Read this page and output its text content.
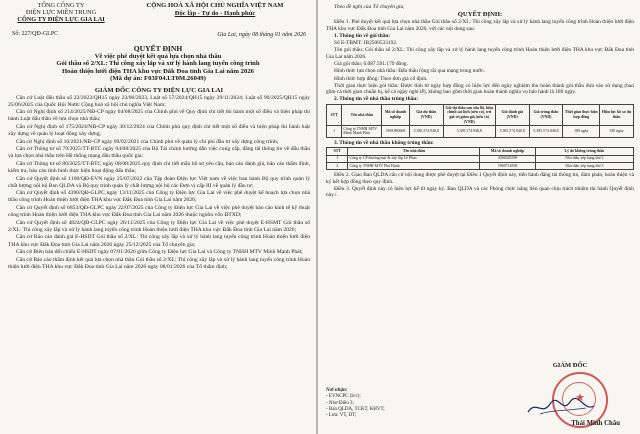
TỔNG CÔNG TY
ĐIỆN LỰC MIỀN TRUNG
CÔNG TY ĐIỆN LỰC GIA LAI
CỘNG HOÀ XÃ HỘI CHỦ NGHĨA VIỆT NAM
Độc lập - Tự do - Hạnh phúc
Số: 227/QĐ-GLPC	Gia Lai, ngày 08 tháng 01 năm 2026
QUYẾT ĐỊNH
Về việc phê duyệt kết quả lựa chọn nhà thầu
Gói thầu số 2/XL: Thi công xây lắp và xử lý hành lang tuyến công trình
Hoàn thiện lưới điện THA khu vực Đắk Đoa tỉnh Gia Lai năm 2026
(Mã dự án: F03F04.LT0M.26049)

GIÁM ĐỐC CÔNG TY ĐIỆN LỰC GIA LAI

Căn cứ Luật đấu thầu số 22/2023/QH15 ngày 23/06/2023, Luật số 57/2024/QH15 ngày 29/11/2024; Luật số 90/2025/QH15 ngày 25/06/2025 của Quốc Hội Nước Cộng hoà xã hội chủ nghĩa Việt Nam;

Căn cứ Nghị định số 214/2025/NĐ-CP ngày 04/08/2025 của Chính phủ về Quy định chi tiết thi hành một số điều và biện pháp thi hành Luật đấu thầu về lựa chọn nhà thầu;

Căn cứ Nghị định số 175/2024/NĐ-CP ngày 30/12/2024 của Chính phủ quy định chi tiết một số điều và biện pháp thi hành luật xây dựng về quản lý hoạt động xây dựng;

Căn cứ Nghị định số 10/2021/NĐ-CP ngày 09/02/2021 của Chính phủ về quản lý chi phí đầu tư xây dựng công trình;

Căn cứ Thông tư số 79/2025/TT-BTC ngày 04/08/2025 của Bộ Tài chính hướng dẫn việc cung cấp, đăng tải thông tin về đấu thầu và lựa chọn nhà thầu trên Hệ thống mạng đấu thầu quốc gia;

Căn cứ Thông tư số 80/2025/TT-BTC ngày 08/08/2025 quy định chi tiết mẫu hồ sơ yêu cầu, báo cáo đánh giá, báo cáo thẩm định, kiểm tra, báo cáo tình hình thực hiện hoạt động đấu thầu;

Căn cứ Quyết định số 1100/QĐ-EVN ngày 25/07/2022 của Tập đoàn Điện lực Việt nam về việc ban hành Bộ quy trình quản lý chất lượng nội bộ Ban QLDA và Bộ quy trình quản lý chất lượng nội bộ các Đơn vị cấp III về quản lý đầu tư;

Căn cứ Quyết định số 4390/QĐ-GLPC ngày 13/11/2025 của Công ty Điện lực Gia Lai về việc phê duyệt kế hoạch lựa chọn nhà thầu công trình Hoàn thiện lưới điện THA khu vực Đắk Đoa tỉnh Gia Lai năm 2026;

Căn cứ Quyết định số 6853/QĐ-GLPC ngày 22/07/2025 của Công ty Điện lực Gia Lai về việc phê duyệt báo cáo kinh tế kỹ thuật công trình Hoàn thiện lưới điện THA khu vực Đắk Đoa tỉnh Gia Lai năm 2026 thuộc nguồn vốn ĐTXD;

Căn cứ Quyết định số 4824/QĐ-GLPC ngày 26/11/2025 của Công ty Điện lực Gia Lai về việc phê duyệt E-HSMT Gói thầu số 2/XL: Thi công xây lắp và xử lý hành lang tuyến công trình Hoàn thiện lưới điện THA khu vực Đắk Đoa tỉnh Gia Lai năm 2026;

Căn cứ Báo cáo đánh giá E-HSDT Gói thầu số 2/XL: Thi công xây lắp và xử lý hành lang tuyến công trình Hoàn thiện lưới điện THA khu vực Đắk Đoa tỉnh Gia Lai năm 2026 ngày 25/12/2025 của Tổ chuyên gia;

Căn cứ Biên bản đối chiếu E-HSDT ngày 07/01/2026 giữa Công ty Điện lực Gia Lai và Công ty TNHH MTV Minh Mạnh Phát;

Căn cứ Báo cáo thẩm định kết quả lựa chọn nhà thầu Gói thầu số 2/XL: Thi công xây lắp và xử lý hành lang tuyến công trình Hoàn thiện lưới điện THA khu vực Đắk Đoa tỉnh Gia Lai năm 2026 ngày 08/01/2026 của Tổ thẩm định;

Theo đề nghị của Tổ chuyên gia,

QUYẾT ĐỊNH:

Điều 1. Phê duyệt kết quả lựa chọn nhà thầu Gói thầu số 2/XL: Thi công xây lắp và xử lý hành lang tuyến công trình Hoàn thiện lưới điện THA khu vực Đắk Đoa tỉnh Gia Lai năm 2026, với các nội dung sau:

1. Thông tin về gói thầu:

Số E-TBMT: IB2500533192.

Tên gói thầu: Gói thầu số 2/XL: Thi công xây lắp và xử lý hành lang tuyến công trình Hoàn thiện lưới điện THA khu vực Đắk Đoa tỉnh Gia Lai năm 2026.

Giá gói thầu: 6.087.591.179 đồng.

Hình thức lựa chọn nhà thầu: Đấu thầu rộng rãi qua mạng trong nước.

Hình thức hợp đồng: Theo đơn giá cố định.

Thời gian thực hiện gói thầu: Được tính từ ngày hợp đồng có hiệu lực đến ngày nghiệm thu hoàn thành gói thầu đưa vào sử dụng (bao gồm cả thời gian chuẩn bị, kể cả ngày nghỉ lễ), không bao gồm thời gian hoàn thành nghĩa vụ bảo hành là 180 ngày.

2. Thông tin về nhà thầu trúng thầu:

STT	Tên nhà thầu	Mã số doanh nghiệp	Giá dự thầu (VND)	Giá dự thầu sau sửa lỗi, hiệu chỉnh sai lệch (nếu có), trừ giá trị giảm giá (nếu có) (VND)	Giá đánh giá (VND)	Giá trúng thầu (VND)	Thời gian thực hiện hợp đồng	Hiệu lực hồ sơ dự thầu
1	Công ty TNHH MTV Minh Mạnh Phát	5901890668	5.385.574.948,8	5.385.574.948,8	5.385.574.948,8	5.385.574.948,8	180 ngày	180 ngày

3. Thông tin về nhà thầu không trúng thầu:

STT	Tên nhà thầu	Mã số doanh nghiệp	Lý do không trúng thầu
1	Công ty CP thương mại & xây lắp Lê Phan	4300345599	Nhà thầu xếp hạng thứ 2
2	Công ty TNHH MTV Phú Hạnh	5900714838	Nhà thầu xếp hạng thứ 3

Điều 2. Giao Ban QLDA căn cứ nội dung được phê duyệt tại Điều 1 Quyết định này, tiến hành đăng tải thông tin, đàm phán, hoàn thiện và ký kết hợp đồng theo quy định.

Điều 3. Quyết định này có hiệu lực kể từ ngày ký. Ban QLDA và các Phòng chức năng liên quan chịu trách nhiệm thi hành Quyết định này./.

Nơi nhận:
- EVNCPC (b/c);
- Như Điều 3;
- Ban QLDA, TCKT, KHVT;
- Lưu: VT, DT;
GIÁM ĐỐC
★
Thái Minh Châu
